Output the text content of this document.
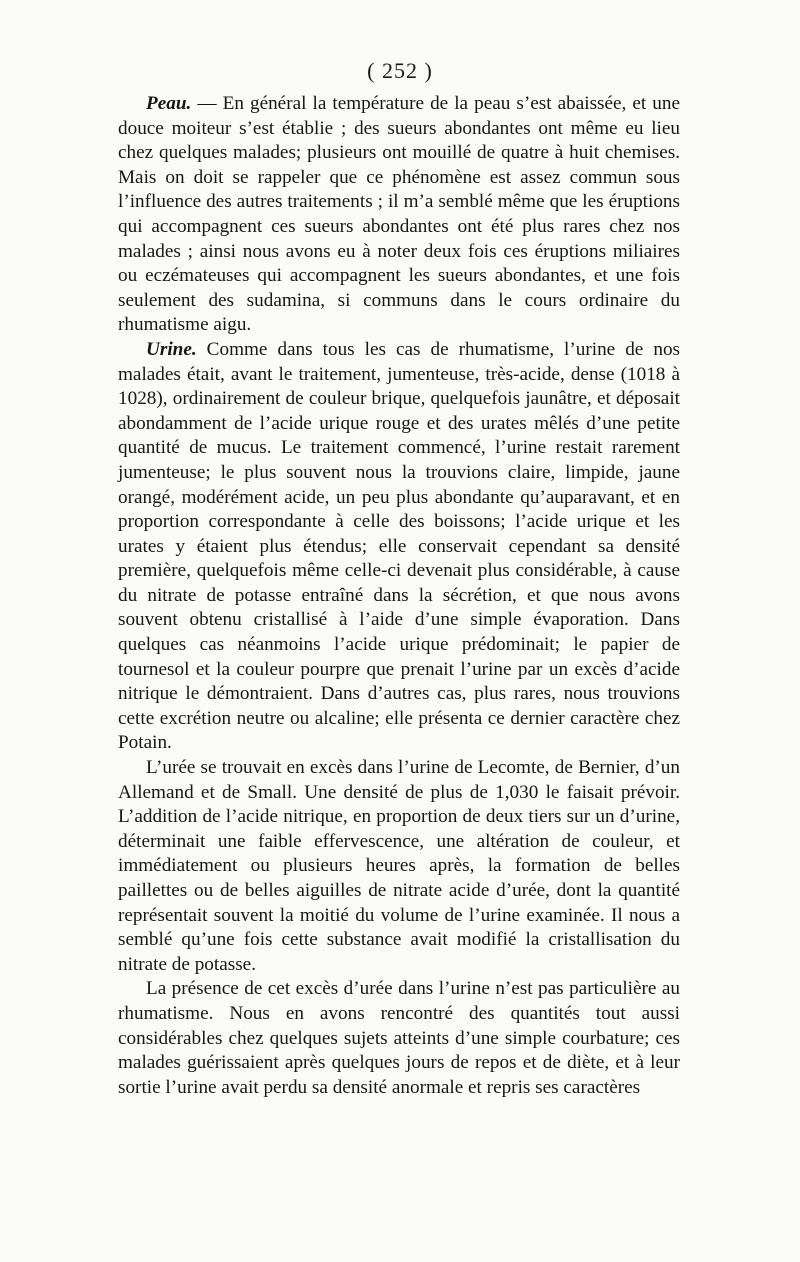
( 252 )

Peau. — En général la température de la peau s’est abaissée, et une douce moiteur s’est établie ; des sueurs abondantes ont même eu lieu chez quelques malades; plusieurs ont mouillé de quatre à huit chemises. Mais on doit se rappeler que ce phénomène est assez commun sous l’influence des autres traitements ; il m’a semblé même que les éruptions qui accompagnent ces sueurs abondantes ont été plus rares chez nos malades ; ainsi nous avons eu à noter deux fois ces éruptions miliaires ou eczémateuses qui accompagnent les sueurs abondantes, et une fois seulement des sudamina, si communs dans le cours ordinaire du rhumatisme aigu.

Urine. Comme dans tous les cas de rhumatisme, l’urine de nos malades était, avant le traitement, jumenteuse, très-acide, dense (1018 à 1028), ordinairement de couleur brique, quelquefois jaunâtre, et déposait abondamment de l’acide urique rouge et des urates mêlés d’une petite quantité de mucus. Le traitement commencé, l’urine restait rarement jumenteuse; le plus souvent nous la trouvions claire, limpide, jaune orangé, modérément acide, un peu plus abondante qu’auparavant, et en proportion correspondante à celle des boissons; l’acide urique et les urates y étaient plus étendus; elle conservait cependant sa densité première, quelquefois même celle-ci devenait plus considérable, à cause du nitrate de potasse entraîné dans la sécrétion, et que nous avons souvent obtenu cristallisé à l’aide d’une simple évaporation. Dans quelques cas néanmoins l’acide urique prédominait; le papier de tournesol et la couleur pourpre que prenait l’urine par un excès d’acide nitrique le démontraient. Dans d’autres cas, plus rares, nous trouvions cette excrétion neutre ou alcaline; elle présenta ce dernier caractère chez Potain.

L’urée se trouvait en excès dans l’urine de Lecomte, de Bernier, d’un Allemand et de Small. Une densité de plus de 1,030 le faisait prévoir. L’addition de l’acide nitrique, en proportion de deux tiers sur un d’urine, déterminait une faible effervescence, une altération de couleur, et immédiatement ou plusieurs heures après, la formation de belles paillettes ou de belles aiguilles de nitrate acide d’urée, dont la quantité représentait souvent la moitié du volume de l’urine examinée. Il nous a semblé qu’une fois cette substance avait modifié la cristallisation du nitrate de potasse.

La présence de cet excès d’urée dans l’urine n’est pas particulière au rhumatisme. Nous en avons rencontré des quantités tout aussi considérables chez quelques sujets atteints d’une simple courbature; ces malades guérissaient après quelques jours de repos et de diète, et à leur sortie l’urine avait perdu sa densité anormale et repris ses caractères
